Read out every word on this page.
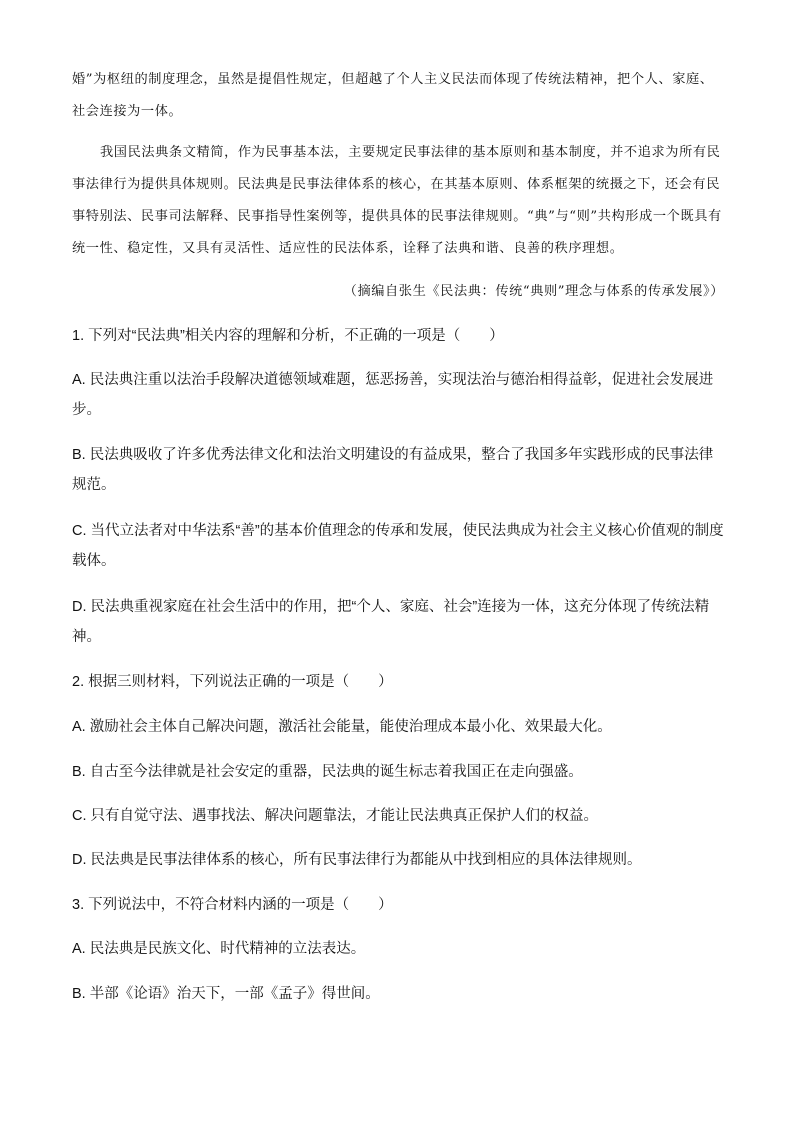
婚”为枢纽的制度理念，虽然是提倡性规定，但超越了个人主义民法而体现了传统法精神，把个人、家庭、社会连接为一体。

我国民法典条文精简，作为民事基本法，主要规定民事法律的基本原则和基本制度，并不追求为所有民事法律行为提供具体规则。民法典是民事法律体系的核心，在其基本原则、体系框架的统摄之下，还会有民事特别法、民事司法解释、民事指导性案例等，提供具体的民事法律规则。“典”与“则”共构形成一个既具有统一性、稳定性，又具有灵活性、适应性的民法体系，诠释了法典和谐、良善的秩序理想。

（摘编自张生《民法典：传统“典则”理念与体系的传承发展》）

1. 下列对“民法典”相关内容的理解和分析，不正确的一项是（　　）

A. 民法典注重以法治手段解决道德领域难题，惩恶扬善，实现法治与德治相得益彰，促进社会发展进步。

B. 民法典吸收了许多优秀法律文化和法治文明建设的有益成果，整合了我国多年实践形成的民事法律规范。

C. 当代立法者对中华法系“善”的基本价值理念的传承和发展，使民法典成为社会主义核心价值观的制度载体。

D. 民法典重视家庭在社会生活中的作用，把“个人、家庭、社会”连接为一体，这充分体现了传统法精神。

2. 根据三则材料，下列说法正确的一项是（　　）

A. 激励社会主体自己解决问题，激活社会能量，能使治理成本最小化、效果最大化。

B. 自古至今法律就是社会安定的重器，民法典的诞生标志着我国正在走向强盛。

C. 只有自觉守法、遇事找法、解决问题靠法，才能让民法典真正保护人们的权益。

D. 民法典是民事法律体系的核心，所有民事法律行为都能从中找到相应的具体法律规则。

3. 下列说法中，不符合材料内涵的一项是（　　）

A. 民法典是民族文化、时代精神的立法表达。

B. 半部《论语》治天下，一部《孟子》得世间。
